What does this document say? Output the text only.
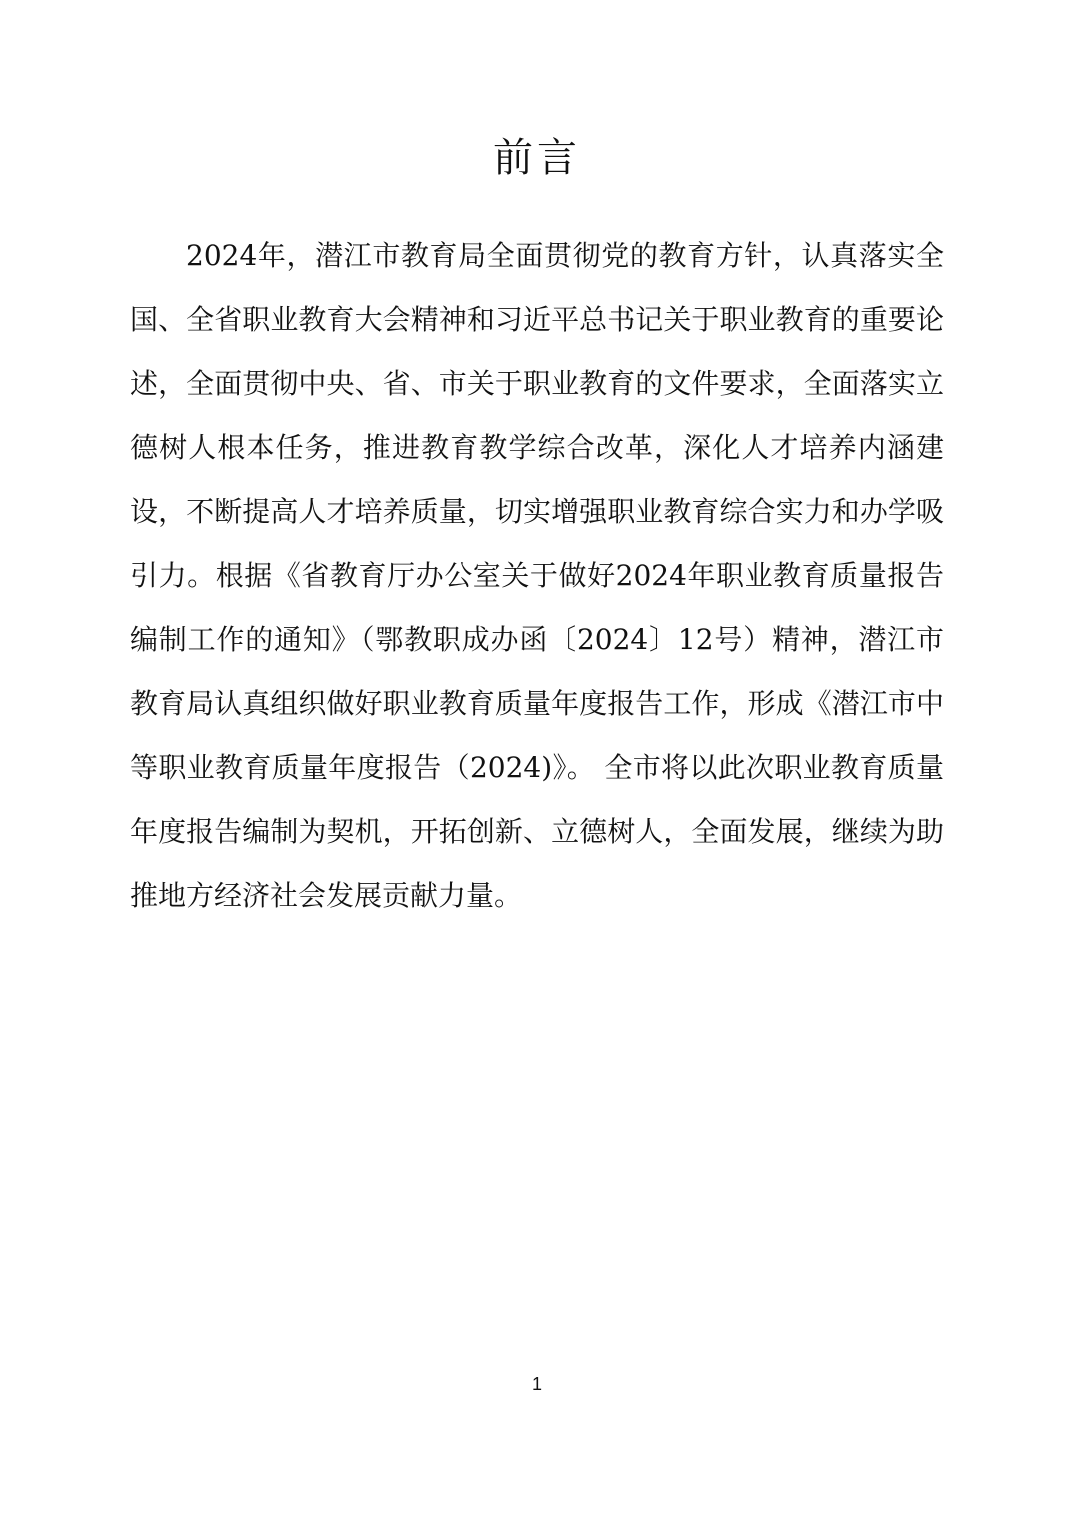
前言

2024年，潜江市教育局全面贯彻党的教育方针，认真落实全国、全省职业教育大会精神和习近平总书记关于职业教育的重要论述，全面贯彻中央、省、市关于职业教育的文件要求，全面落实立德树人根本任务，推进教育教学综合改革，深化人才培养内涵建设，不断提高人才培养质量，切实增强职业教育综合实力和办学吸引力。根据《省教育厅办公室关于做好2024年职业教育质量报告编制工作的通知》（鄂教职成办函〔2024〕12号）精神，潜江市教育局认真组织做好职业教育质量年度报告工作，形成《潜江市中等职业教育质量年度报告（2024)》。 全市将以此次职业教育质量年度报告编制为契机，开拓创新、立德树人，全面发展，继续为助推地方经济社会发展贡献力量。

1
